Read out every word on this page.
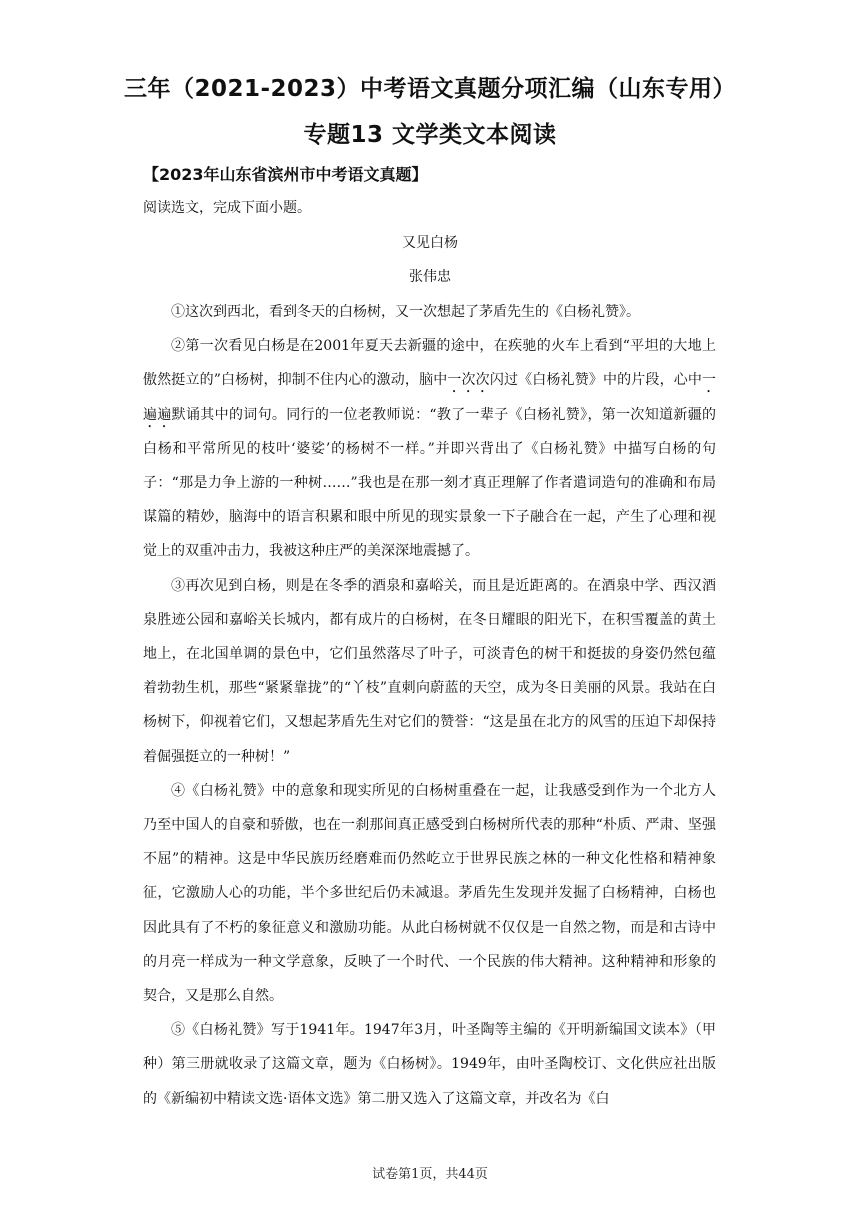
三年（2021-2023）中考语文真题分项汇编（山东专用）
专题13 文学类文本阅读
【2023年山东省滨州市中考语文真题】
阅读选文，完成下面小题。
又见白杨
张伟忠

①这次到西北，看到冬天的白杨树，又一次想起了茅盾先生的《白杨礼赞》。

②第一次看见白杨是在2001年夏天去新疆的途中，在疾驰的火车上看到“平坦的大地上傲然挺立的”白杨树，抑制不住内心的激动，脑中一次次闪过《白杨礼赞》中的片段，心中一遍遍默诵其中的词句。同行的一位老教师说：“教了一辈子《白杨礼赞》，第一次知道新疆的白杨和平常所见的枝叶‘婆娑’的杨树不一样。”并即兴背出了《白杨礼赞》中描写白杨的句子：“那是力争上游的一种树……”我也是在那一刻才真正理解了作者遣词造句的准确和布局谋篇的精妙，脑海中的语言积累和眼中所见的现实景象一下子融合在一起，产生了心理和视觉上的双重冲击力，我被这种庄严的美深深地震撼了。

③再次见到白杨，则是在冬季的酒泉和嘉峪关，而且是近距离的。在酒泉中学、西汉酒泉胜迹公园和嘉峪关长城内，都有成片的白杨树，在冬日耀眼的阳光下，在积雪覆盖的黄土地上，在北国单调的景色中，它们虽然落尽了叶子，可淡青色的树干和挺拔的身姿仍然包蕴着勃勃生机，那些“紧紧靠拢”的“丫枝”直刺向蔚蓝的天空，成为冬日美丽的风景。我站在白杨树下，仰视着它们，又想起茅盾先生对它们的赞誉：“这是虽在北方的风雪的压迫下却保持着倔强挺立的一种树！”

④《白杨礼赞》中的意象和现实所见的白杨树重叠在一起，让我感受到作为一个北方人乃至中国人的自豪和骄傲，也在一刹那间真正感受到白杨树所代表的那种“朴质、严肃、坚强不屈”的精神。这是中华民族历经磨难而仍然屹立于世界民族之林的一种文化性格和精神象征，它激励人心的功能，半个多世纪后仍未减退。茅盾先生发现并发掘了白杨精神，白杨也因此具有了不朽的象征意义和激励功能。从此白杨树就不仅仅是一自然之物，而是和古诗中的月亮一样成为一种文学意象，反映了一个时代、一个民族的伟大精神。这种精神和形象的契合，又是那么自然。

⑤《白杨礼赞》写于1941年。1947年3月，叶圣陶等主编的《开明新编国文读本》（甲种）第三册就收录了这篇文章，题为《白杨树》。1949年，由叶圣陶校订、文化供应社出版的《新编初中精读文选·语体文选》第二册又选入了这篇文章，并改名为《白

试卷第1页，共44页
